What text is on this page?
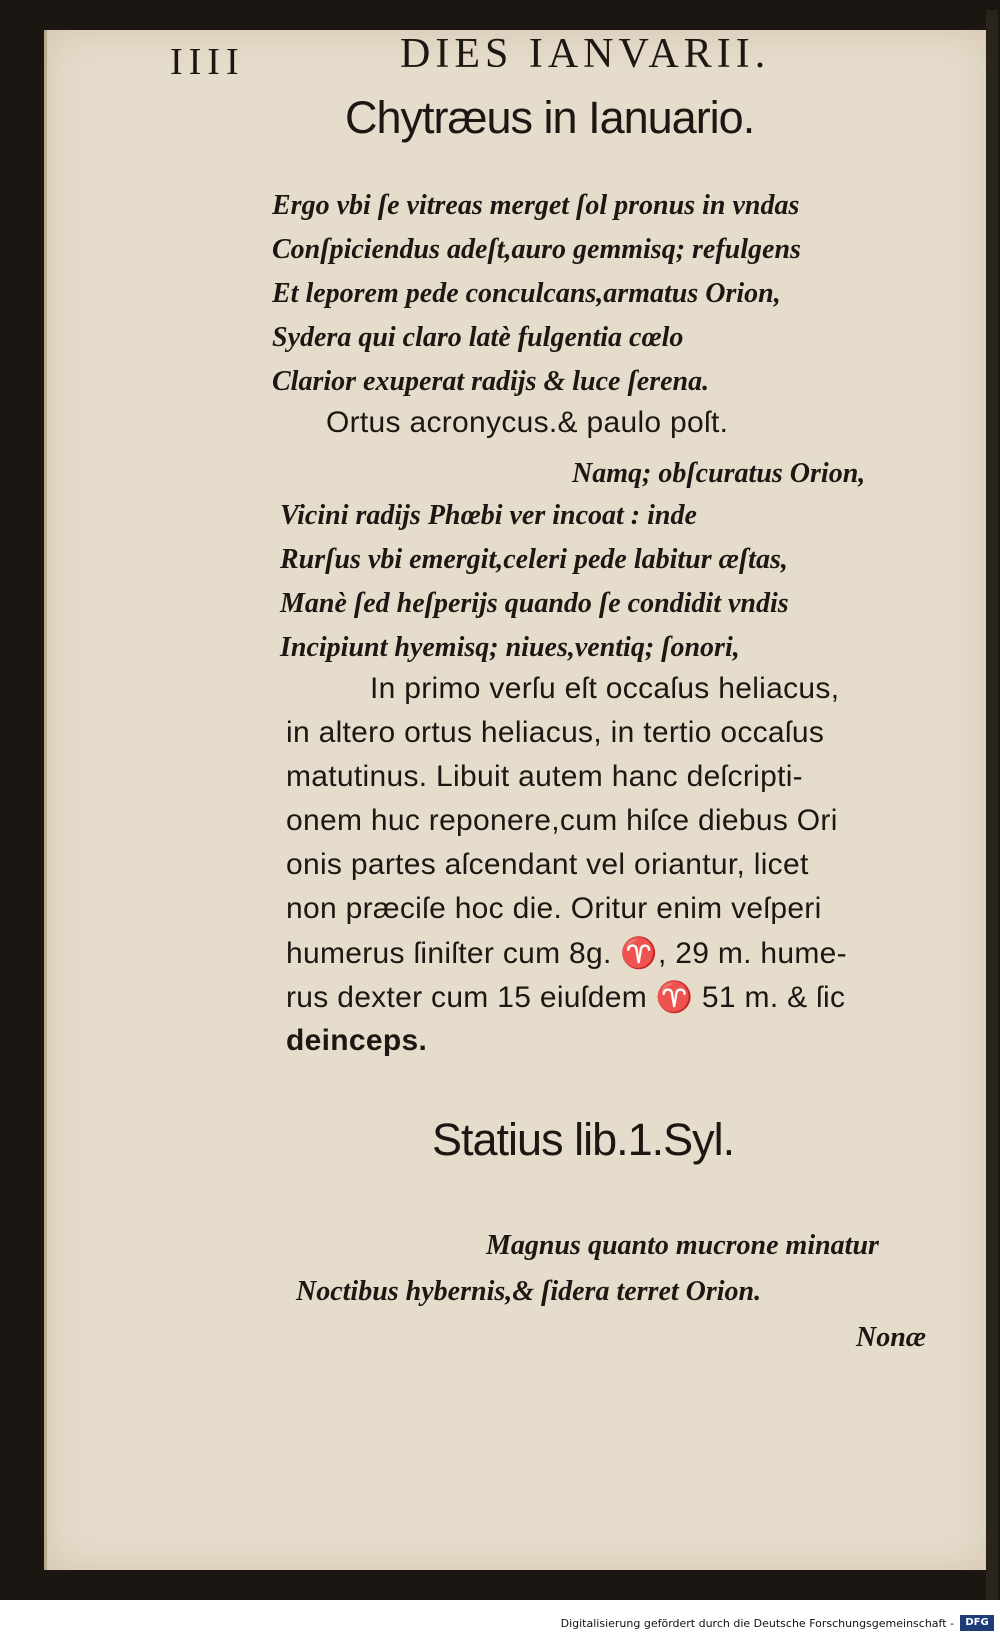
IIII	DIES IANVARII.
Chytræus in Ianuario.
Ergo vbi ſe vitreas merget ſol pronus in vndas
Conſpiciendus adeſt,auro gemmisq; refulgens
Et leporem pede conculcans,armatus Orion,
Sydera qui claro latè fulgentia cœlo
Clarior exuperat radijs & luce ſerena.
Ortus acronycus.& paulo poſt.
Namq; obſcuratus Orion,
Vicini radijs Phœbi ver incoat : inde
Rurſus vbi emergit,celeri pede labitur æſtas,
Manè ſed heſperijs quando ſe condidit vndis
Incipiunt hyemisq; niues,ventiq; ſonori,
In primo verſu eſt occaſus heliacus,
in altero ortus heliacus, in tertio occaſus
matutinus. Libuit autem hanc deſcripti-
onem huc reponere,cum hiſce diebus Ori
onis partes aſcendant vel oriantur, licet
non præciſe hoc die. Oritur enim veſperi
humerus ſiniſter cum 8g. ♈, 29 m. hume-
rus dexter cum 15 eiuſdem ♈ 51 m. & ſic
deinceps.
Statius lib.1.Syl.
Magnus quanto mucrone minatur
Noctibus hybernis,& ſidera terret Orion.
Nonæ
Digitalisierung gefördert durch die Deutsche Forschungsgemeinschaft -	DFG
